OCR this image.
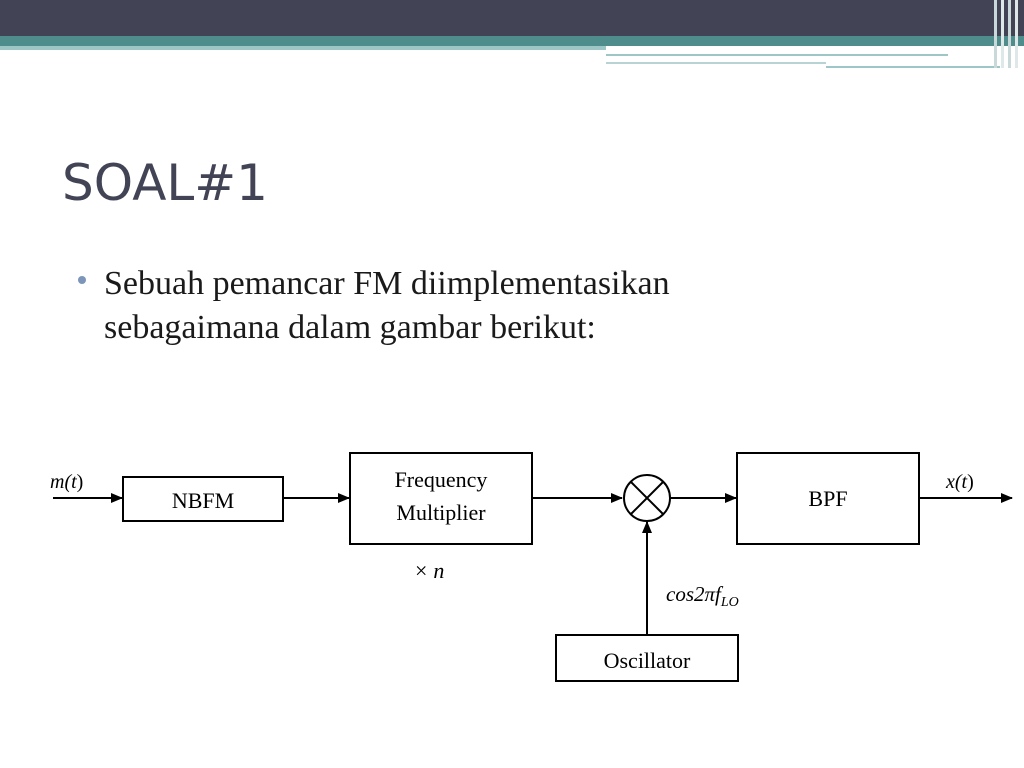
SOAL#1
Sebuah pemancar FM diimplementasikan
sebagaimana dalam gambar berikut:
m(t)
NBFM
Frequency
Multiplier
× n
BPF
x(t)
Oscillator
$\cos 2\pi f_{LO}$
